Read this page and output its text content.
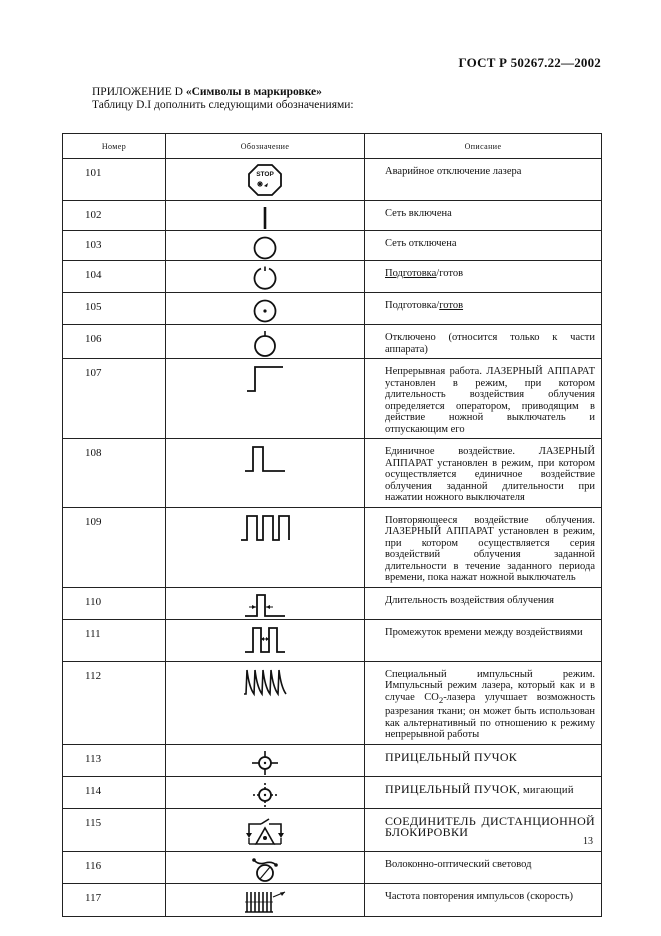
ГОСТ Р 50267.22—2002
ПРИЛОЖЕНИЕ D «Символы в маркировке»
Таблицу D.I дополнить следующими обозначениями:
Номер	Обозначение	Описание
101	STOP	Аварийное отключение лазера
102		Сеть включена
103		Сеть отключена
104		Подготовка/готов
105		Подготовка/готов
106		Отключено (относится только к части аппарата)
107		Непрерывная работа. ЛАЗЕРНЫЙ АППАРАТ установлен в режим, при котором длительность воздействия облучения определяется оператором, приводящим в действие ножной выключатель и отпускающим его
108		Единичное воздействие. ЛАЗЕРНЫЙ АППАРАТ установлен в режим, при котором осуществляется единичное воздействие облучения заданной длительности при нажатии ножного выключателя
109		Повторяющееся воздействие облучения. ЛАЗЕРНЫЙ АППАРАТ установлен в режим, при котором осуществляется серия воздействий облучения заданной длительности в течение заданного периода времени, пока нажат ножной выключатель
110		Длительность воздействия облучения
111		Промежуток времени между воздействиями
112		Специальный импульсный режим. Импульсный режим лазера, который как и в случае $CO_2$-лазера улучшает возможность разрезания ткани; он может быть использован как альтернативный по отношению к режиму непрерывной работы
113		ПРИЦЕЛЬНЫЙ ПУЧОК
114		ПРИЦЕЛЬНЫЙ ПУЧОК, мигающий
115		СОЕДИНИТЕЛЬ ДИСТАНЦИОННОЙ БЛОКИРОВКИ
116		Волоконно-оптический световод
117		Частота повторения импульсов (скорость)
13
